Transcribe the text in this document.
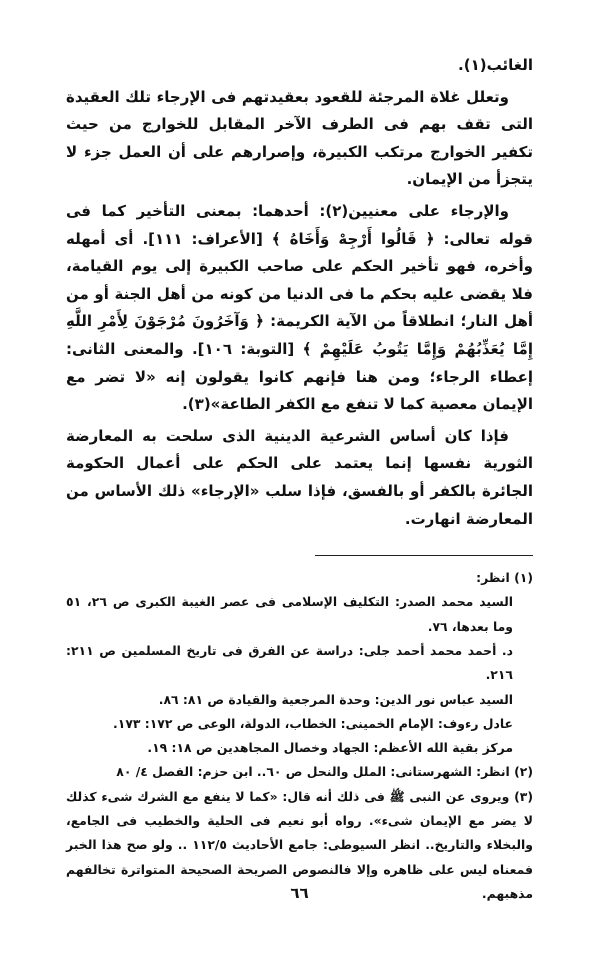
الغائب(١).

وتعلل غلاة المرجئة للقعود بعقيدتهم فى الإرجاء تلك العقيدة التى تقف بهم فى الطرف الآخر المقابل للخوارج من حيث تكفير الخوارج مرتكب الكبيرة، وإصرارهم على أن العمل جزء لا يتجزأ من الإيمان.

والإرجاء على معنيين(٢): أحدهما: بمعنى التأخير كما فى قوله تعالى: ﴿ قَالُوا أَرْجِهْ وَأَخَاهُ ﴾ [الأعراف: ١١١]. أى أمهله وأخره، فهو تأخير الحكم على صاحب الكبيرة إلى يوم القيامة، فلا يقضى عليه بحكم ما فى الدنيا من كونه من أهل الجنة أو من أهل النار؛ انطلاقاً من الآية الكريمة: ﴿ وَآخَرُونَ مُرْجَوْنَ لِأَمْرِ اللَّهِ إِمَّا يُعَذِّبُهُمْ وَإِمَّا يَتُوبُ عَلَيْهِمْ ﴾ [التوبة: ١٠٦]. والمعنى الثانى: إعطاء الرجاء؛ ومن هنا فإنهم كانوا يقولون إنه «لا تضر مع الإيمان معصية كما لا تنفع مع الكفر الطاعة»(٣).

فإذا كان أساس الشرعية الدينية الذى سلحت به المعارضة الثورية نفسها إنما يعتمد على الحكم على أعمال الحكومة الجائرة بالكفر أو بالفسق، فإذا سلب «الإرجاء» ذلك الأساس من المعارضة انهارت.

(١) انظر:

السيد محمد الصدر: التكليف الإسلامى فى عصر الغيبة الكبرى ص ٢٦، ٥١ وما بعدها، ٧٦.

د. أحمد محمد أحمد جلى: دراسة عن الفرق فى تاريخ المسلمين ص ٢١١: ٢١٦.

السيد عباس نور الدين: وحدة المرجعية والقيادة ص ٨١: ٨٦.

عادل رءوف: الإمام الخمينى: الخطاب، الدولة، الوعى ص ١٧٢: ١٧٣.

مركز بقية الله الأعظم: الجهاد وخصال المجاهدين ص ١٨: ١٩.

(٢) انظر: الشهرستانى: الملل والنحل ص ٦٠.. ابن حزم: الفصل ٤/ ٨٠

(٣) ويروى عن النبى ﷺ فى ذلك أنه قال: «كما لا ينفع مع الشرك شىء كذلك لا يضر مع الإيمان شىء». رواه أبو نعيم فى الحلية والخطيب فى الجامع، والبخلاء والتاريخ.. انظر السيوطى: جامع الأحاديث ١١٢/٥ .. ولو صح هذا الخبر فمعناه ليس على ظاهره وإلا فالنصوص الصريحة الصحيحة المتواترة تخالفهم مذهبهم.

٦٦
